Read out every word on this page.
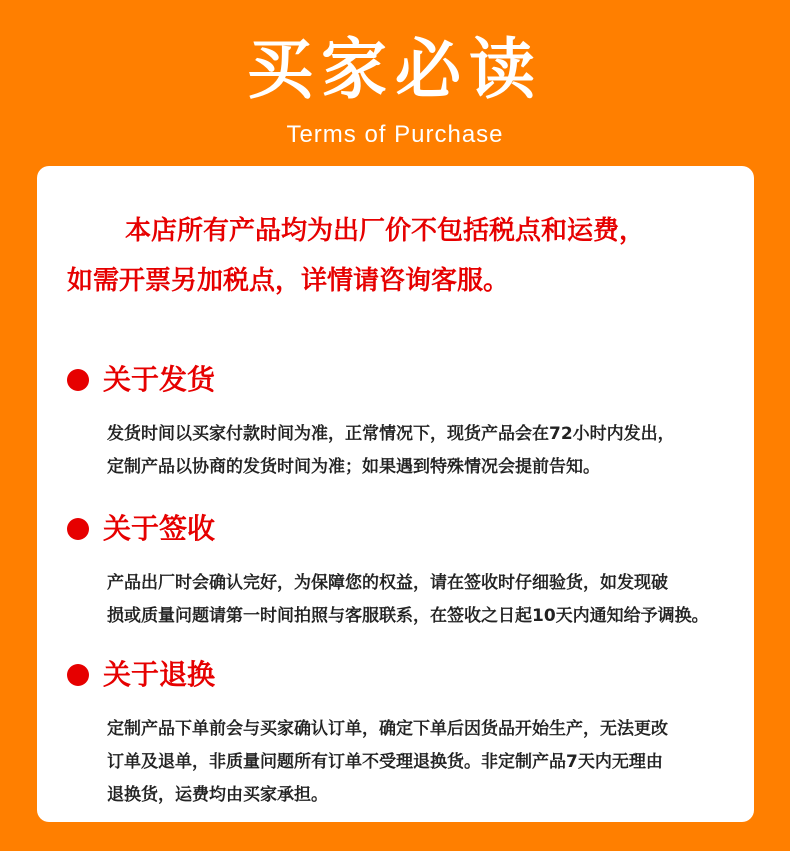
买家必读
Terms of Purchase

本店所有产品均为出厂价不包括税点和运费，
如需开票另加税点，详情请咨询客服。

关于发货
发货时间以买家付款时间为准，正常情况下，现货产品会在72小时内发出，
定制产品以协商的发货时间为准；如果遇到特殊情况会提前告知。
关于签收
产品出厂时会确认完好，为保障您的权益，请在签收时仔细验货，如发现破
损或质量问题请第一时间拍照与客服联系，在签收之日起10天内通知给予调换。
关于退换
定制产品下单前会与买家确认订单，确定下单后因货品开始生产，无法更改
订单及退单，非质量问题所有订单不受理退换货。非定制产品7天内无理由
退换货，运费均由买家承担。
